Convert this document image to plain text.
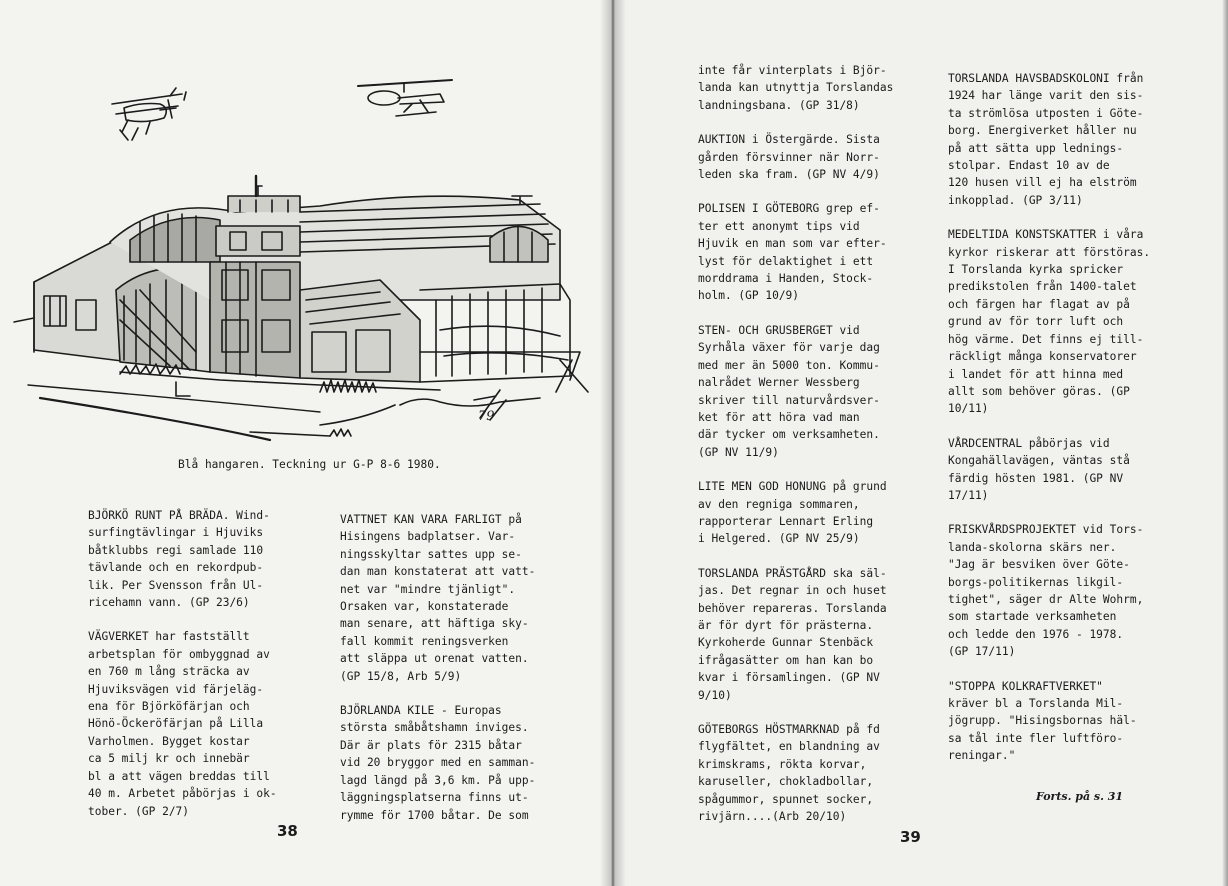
79
Blå hangaren. Teckning ur G-P 8-6 1980.

BJÖRKÖ RUNT PÅ BRÄDA. Wind-

surfingtävlingar i Hjuviks

båtklubbs regi samlade 110

tävlande och en rekordpub-

lik. Per Svensson från Ul-

ricehamn vann. (GP 23/6)

VÄGVERKET har fastställt

arbetsplan för ombyggnad av

en 760 m lång sträcka av

Hjuviksvägen vid färjeläg-

ena för Björköfärjan och

Hönö-Öckeröfärjan på Lilla

Varholmen. Bygget kostar

ca 5 milj kr och innebär

bl a att vägen breddas till

40 m. Arbetet påbörjas i ok-

tober. (GP 2/7)

VATTNET KAN VARA FARLIGT på

Hisingens badplatser. Var-

ningsskyltar sattes upp se-

dan man konstaterat att vatt-

net var "mindre tjänligt".

Orsaken var, konstaterade

man senare, att häftiga sky-

fall kommit reningsverken

att släppa ut orenat vatten.

(GP 15/8, Arb 5/9)

BJÖRLANDA KILE - Europas

största småbåtshamn inviges.

Där är plats för 2315 båtar

vid 20 bryggor med en samman-

lagd längd på 3,6 km. På upp-

läggningsplatserna finns ut-

rymme för 1700 båtar. De som

38

inte får vinterplats i Björ-

landa kan utnyttja Torslandas

landningsbana. (GP 31/8)

AUKTION i Östergärde. Sista

gården försvinner när Norr-

leden ska fram. (GP NV 4/9)

POLISEN I GÖTEBORG grep ef-

ter ett anonymt tips vid

Hjuvik en man som var efter-

lyst för delaktighet i ett

morddrama i Handen, Stock-

holm. (GP 10/9)

STEN- OCH GRUSBERGET vid

Syrhåla växer för varje dag

med mer än 5000 ton. Kommu-

nalrådet Werner Wessberg

skriver till naturvårdsver-

ket för att höra vad man

där tycker om verksamheten.

(GP NV 11/9)

LITE MEN GOD HONUNG på grund

av den regniga sommaren,

rapporterar Lennart Erling

i Helgered. (GP NV 25/9)

TORSLANDA PRÄSTGÅRD ska säl-

jas. Det regnar in och huset

behöver repareras. Torslanda

är för dyrt för prästerna.

Kyrkoherde Gunnar Stenbäck

ifrågasätter om han kan bo

kvar i församlingen. (GP NV

9/10)

GÖTEBORGS HÖSTMARKNAD på fd

flygfältet, en blandning av

krimskrams, rökta korvar,

karuseller, chokladbollar,

spågummor, spunnet socker,

rivjärn....(Arb 20/10)

TORSLANDA HAVSBADSKOLONI från

1924 har länge varit den sis-

ta strömlösa utposten i Göte-

borg. Energiverket håller nu

på att sätta upp lednings-

stolpar. Endast 10 av de

120 husen vill ej ha elström

inkopplad. (GP 3/11)

MEDELTIDA KONSTSKATTER i våra

kyrkor riskerar att förstöras.

I Torslanda kyrka spricker

predikstolen från 1400-talet

och färgen har flagat av på

grund av för torr luft och

hög värme. Det finns ej till-

räckligt många konservatorer

i landet för att hinna med

allt som behöver göras. (GP

10/11)

VÅRDCENTRAL påbörjas vid

Kongahällavägen, väntas stå

färdig hösten 1981. (GP NV

17/11)

FRISKVÅRDSPROJEKTET vid Tors-

landa-skolorna skärs ner.

"Jag är besviken över Göte-

borgs-politikernas likgil-

tighet", säger dr Alte Wohrm,

som startade verksamheten

och ledde den 1976 - 1978.

(GP 17/11)

"STOPPA KOLKRAFTVERKET"

kräver bl a Torslanda Mil-

jögrupp. "Hisingsbornas häl-

sa tål inte fler luftföro-

reningar."

39
Forts. på s. 31
